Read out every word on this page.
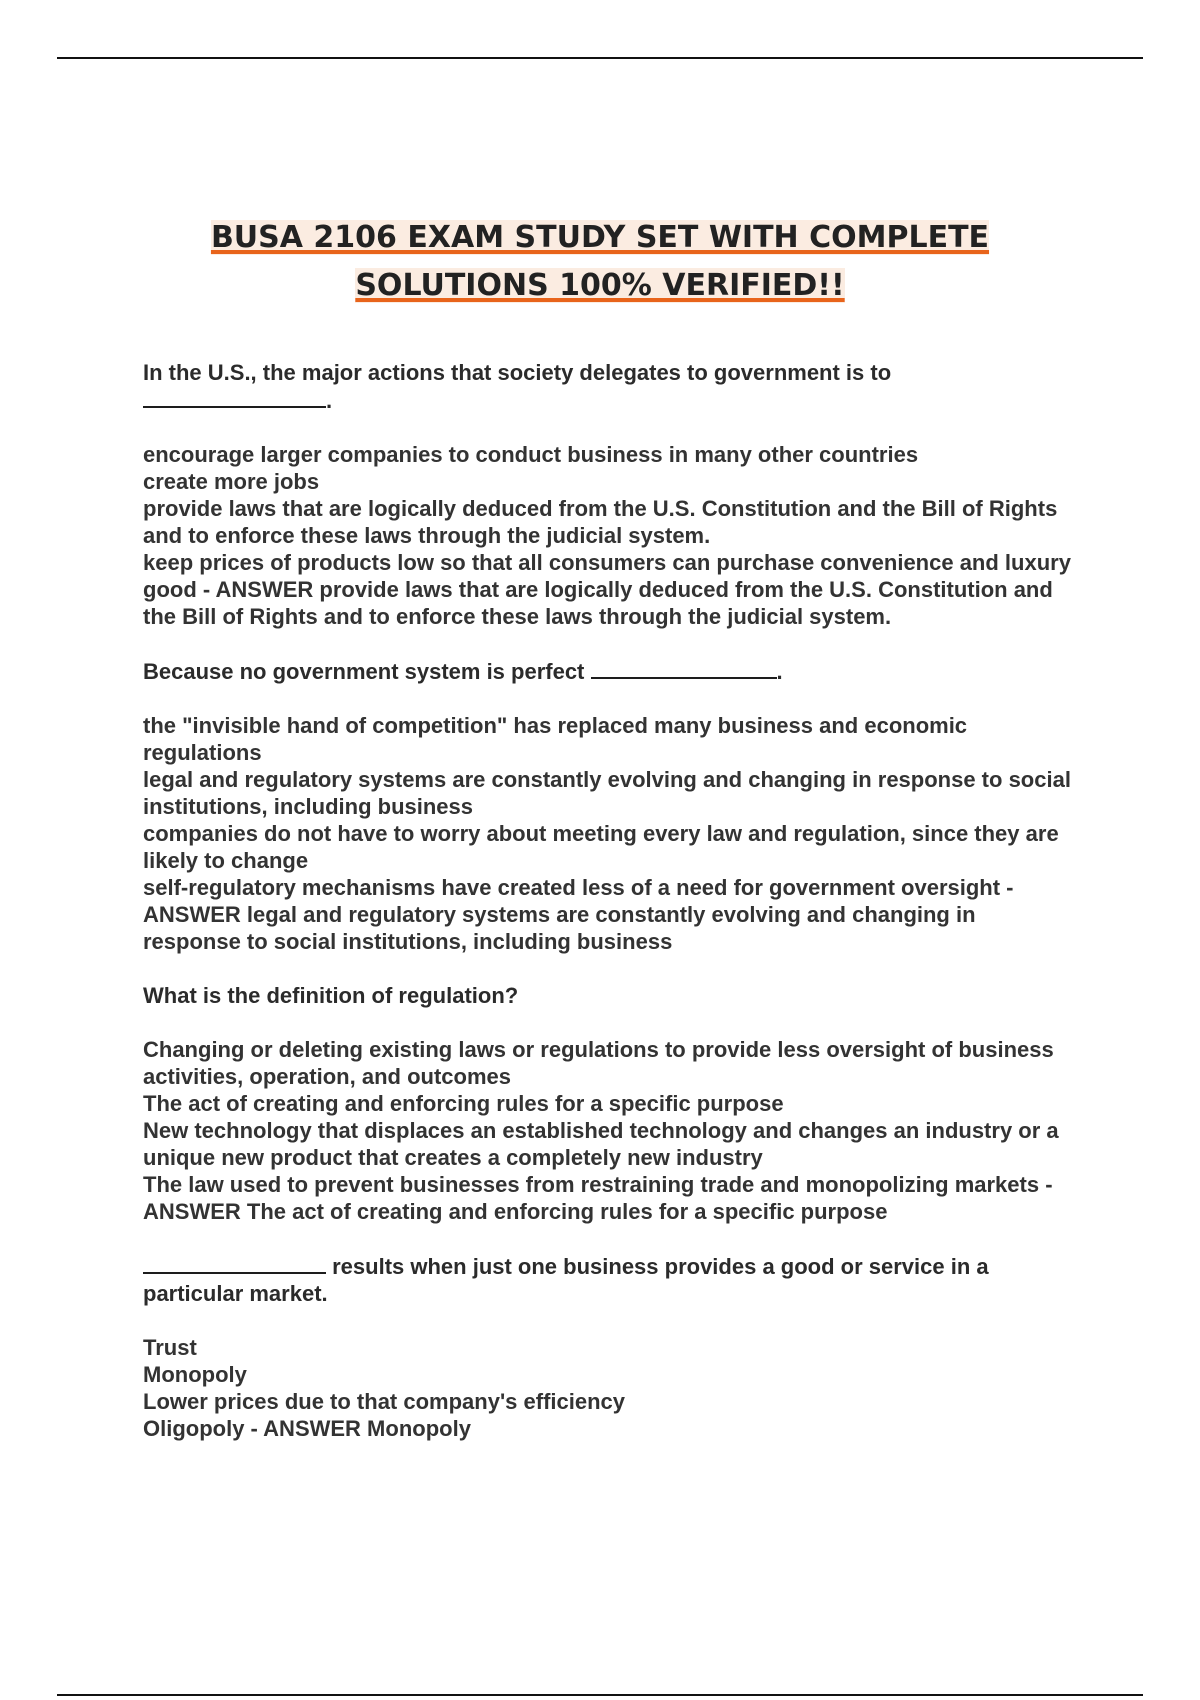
BUSA 2106 EXAM STUDY SET WITH COMPLETE
SOLUTIONS 100% VERIFIED!!

In the U.S., the major actions that society delegates to government is to
.

encourage larger companies to conduct business in many other countries

create more jobs

provide laws that are logically deduced from the U.S. Constitution and the Bill of Rights and to enforce these laws through the judicial system.

keep prices of products low so that all consumers can purchase convenience and luxury good - ANSWER provide laws that are logically deduced from the U.S. Constitution and the Bill of Rights and to enforce these laws through the judicial system.

Because no government system is perfect	.

the "invisible hand of competition" has replaced many business and economic regulations

legal and regulatory systems are constantly evolving and changing in response to social institutions, including business

companies do not have to worry about meeting every law and regulation, since they are likely to change

self-regulatory mechanisms have created less of a need for government oversight - ANSWER legal and regulatory systems are constantly evolving and changing in response to social institutions, including business

What is the definition of regulation?

Changing or deleting existing laws or regulations to provide less oversight of business activities, operation, and outcomes

The act of creating and enforcing rules for a specific purpose

New technology that displaces an established technology and changes an industry or a unique new product that creates a completely new industry

The law used to prevent businesses from restraining trade and monopolizing markets - ANSWER The act of creating and enforcing rules for a specific purpose

results when just one business provides a good or service in a particular market.

Trust

Monopoly

Lower prices due to that company's efficiency

Oligopoly - ANSWER Monopoly
